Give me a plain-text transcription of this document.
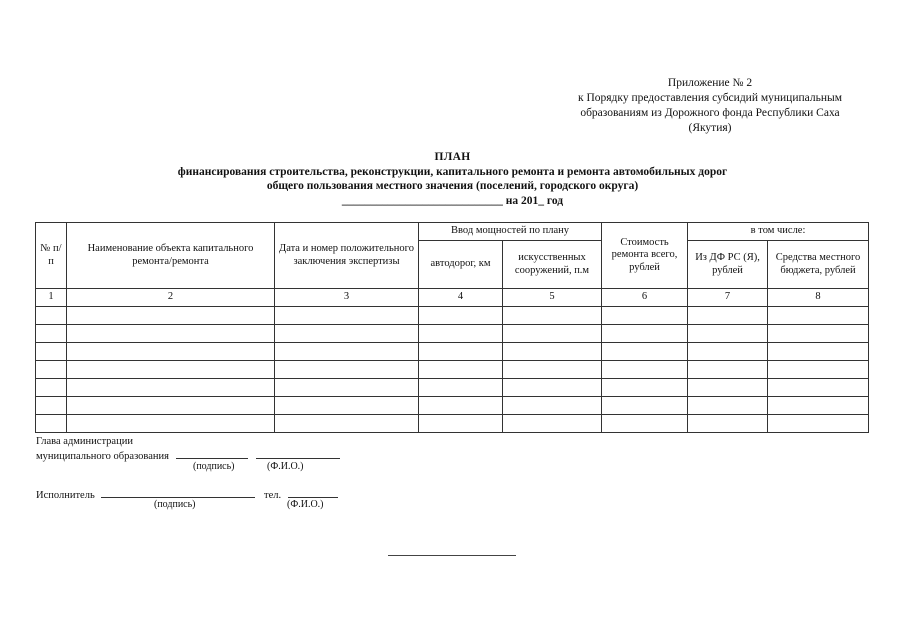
Приложение № 2
к Порядку предоставления субсидий муниципальным
образованиям из Дорожного фонда Республики Саха
(Якутия)
ПЛАН
финансирования строительства, реконструкции, капитального ремонта и ремонта автомобильных дорог
общего пользования местного значения (поселений, городского округа)
____________________________ на 201_ год
№ п/п	Наименование объекта капитального ремонта/ремонта	Дата и номер положительного заключения экспертизы	Ввод мощностей по плану		Стоимость ремонта всего, рублей	в том числе:	
			автодорог, км	искусственных сооружений, п.м		Из ДФ РС (Я), рублей	Средства местного бюджета, рублей
1	2	3	4	5	6	7	8

Глава администрации
муниципального образования
(подпись)	(Ф.И.О.)
Исполнитель	тел.
(подпись)	(Ф.И.О.)
